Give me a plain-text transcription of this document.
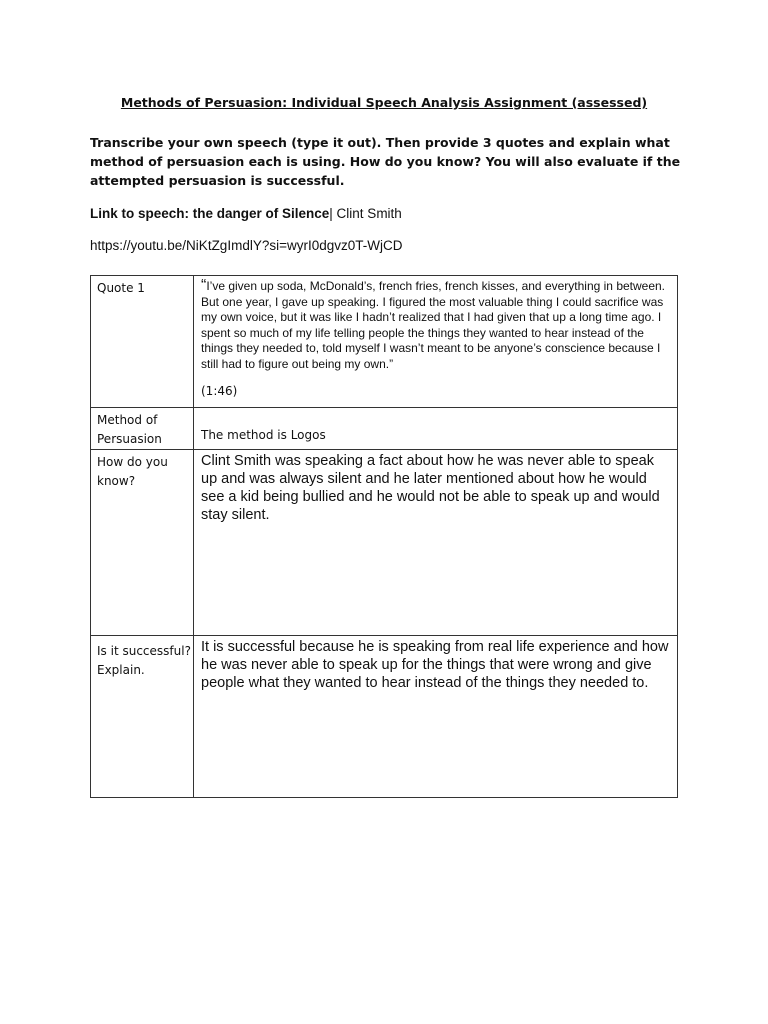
Methods of Persuasion: Individual Speech Analysis Assignment (assessed)
Transcribe your own speech (type it out). Then provide 3 quotes and explain what method of persuasion each is using. How do you know? You will also evaluate if the attempted persuasion is successful.
Link to speech: the danger of Silence| Clint Smith
https://youtu.be/NiKtZgImdlY?si=wyrI0dgvz0T-WjCD
Quote 1	“I’ve given up soda, McDonald’s, french fries, french kisses, and everything in between. But one year, I gave up speaking. I figured the most valuable thing I could sacrifice was my own voice, but it was like I hadn’t realized that I had given that up a long time ago. I spent so much of my life telling people the things they wanted to hear instead of the things they needed to, told myself I wasn’t meant to be anyone’s conscience because I still had to figure out being my own.”
(1:46)

Method of Persuasion	The method is Logos

How do you know?	Clint Smith was speaking a fact about how he was never able to speak up and was always silent and he later mentioned about how he would see a kid being bullied and he would not be able to speak up and would stay silent.

Is it successful? Explain.	It is successful because he is speaking from real life experience and how he was never able to speak up for the things that were wrong and give people what they wanted to hear instead of the things they needed to.
